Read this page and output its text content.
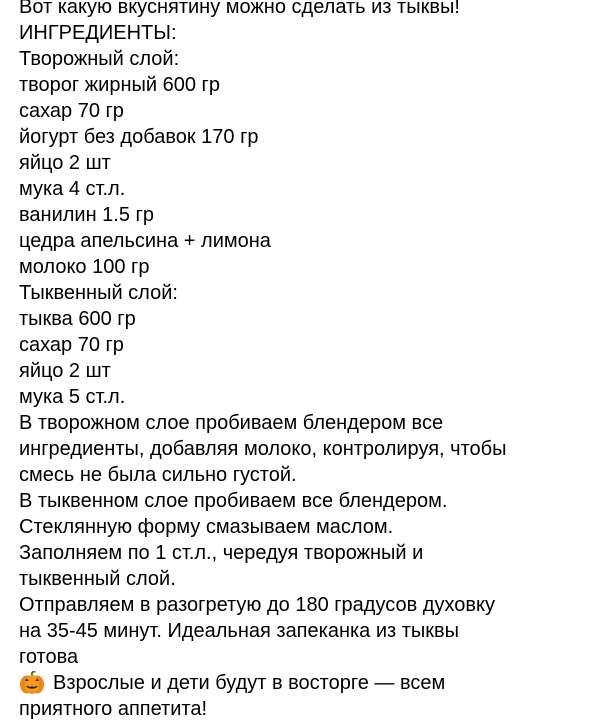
Вот какую вкуснятину можно сделать из тыквы!
ИНГРЕДИЕНТЫ:
Творожный слой:
творог жирный 600 гр
сахар 70 гр
йогурт без добавок 170 гр
яйцо 2 шт
мука 4 ст.л.
ванилин 1.5 гр
цедра апельсина + лимона
молоко 100 гр
Тыквенный слой:
тыква 600 гр
сахар 70 гр
яйцо 2 шт
мука 5 ст.л.
В творожном слое пробиваем блендером все
ингредиенты, добавляя молоко, контролируя, чтобы
смесь не была сильно густой.
В тыквенном слое пробиваем все блендером.
Стеклянную форму смазываем маслом.
Заполняем по 1 ст.л., чередуя творожный и
тыквенный слой.
Отправляем в разогретую до 180 градусов духовку
на 35-45 минут. Идеальная запеканка из тыквы
готова
Взрослые и дети будут в восторге — всем
приятного аппетита!
